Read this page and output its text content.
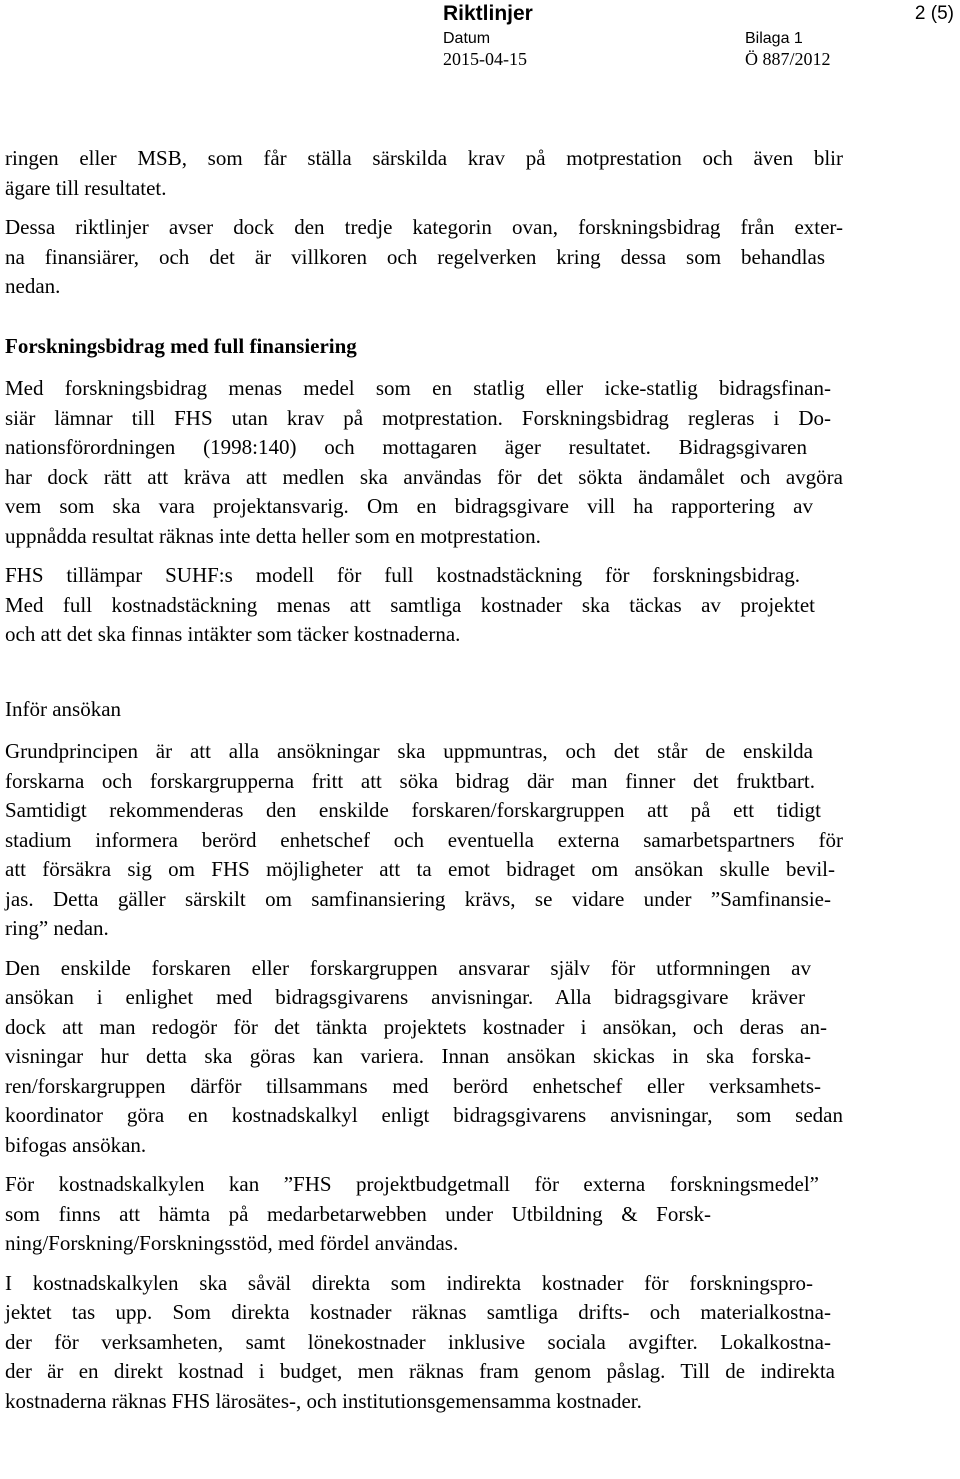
Riktlinjer	2 (5)
Datum	Bilaga 1
2015-04-15	Ö 887/2012

ringen eller MSB, som får ställa särskilda krav på motprestation och även blir
ägare till resultatet.

Dessa riktlinjer avser dock den tredje kategorin ovan, forskningsbidrag från exter-
na finansiärer, och det är villkoren och regelverken kring dessa som behandlas
nedan.

Forskningsbidrag med full finansiering

Med forskningsbidrag menas medel som en statlig eller icke-statlig bidragsfinan-
siär lämnar till FHS utan krav på motprestation. Forskningsbidrag regleras i Do-
nationsförordningen (1998:140) och mottagaren äger resultatet. Bidragsgivaren
har dock rätt att kräva att medlen ska användas för det sökta ändamålet och avgöra
vem som ska vara projektansvarig. Om en bidragsgivare vill ha rapportering av
uppnådda resultat räknas inte detta heller som en motprestation.

FHS tillämpar SUHF:s modell för full kostnadstäckning för forskningsbidrag.
Med full kostnadstäckning menas att samtliga kostnader ska täckas av projektet
och att det ska finnas intäkter som täcker kostnaderna.

Inför ansökan

Grundprincipen är att alla ansökningar ska uppmuntras, och det står de enskilda
forskarna och forskargrupperna fritt att söka bidrag där man finner det fruktbart.
Samtidigt rekommenderas den enskilde forskaren/forskargruppen att på ett tidigt
stadium informera berörd enhetschef och eventuella externa samarbetspartners för
att försäkra sig om FHS möjligheter att ta emot bidraget om ansökan skulle bevil-
jas. Detta gäller särskilt om samfinansiering krävs, se vidare under ”Samfinansie-
ring” nedan.

Den enskilde forskaren eller forskargruppen ansvarar själv för utformningen av
ansökan i enlighet med bidragsgivarens anvisningar. Alla bidragsgivare kräver
dock att man redogör för det tänkta projektets kostnader i ansökan, och deras an-
visningar hur detta ska göras kan variera. Innan ansökan skickas in ska forska-
ren/forskargruppen därför tillsammans med berörd enhetschef eller verksamhets-
koordinator göra en kostnadskalkyl enligt bidragsgivarens anvisningar, som sedan
bifogas ansökan.

För kostnadskalkylen kan ”FHS projektbudgetmall för externa forskningsmedel”
som finns att hämta på medarbetarwebben under Utbildning & Forsk-
ning/Forskning/Forskningsstöd, med fördel användas.

I kostnadskalkylen ska såväl direkta som indirekta kostnader för forskningspro-
jektet tas upp. Som direkta kostnader räknas samtliga drifts- och materialkostna-
der för verksamheten, samt lönekostnader inklusive sociala avgifter. Lokalkostna-
der är en direkt kostnad i budget, men räknas fram genom påslag. Till de indirekta
kostnaderna räknas FHS lärosätes-, och institutionsgemensamma kostnader.
